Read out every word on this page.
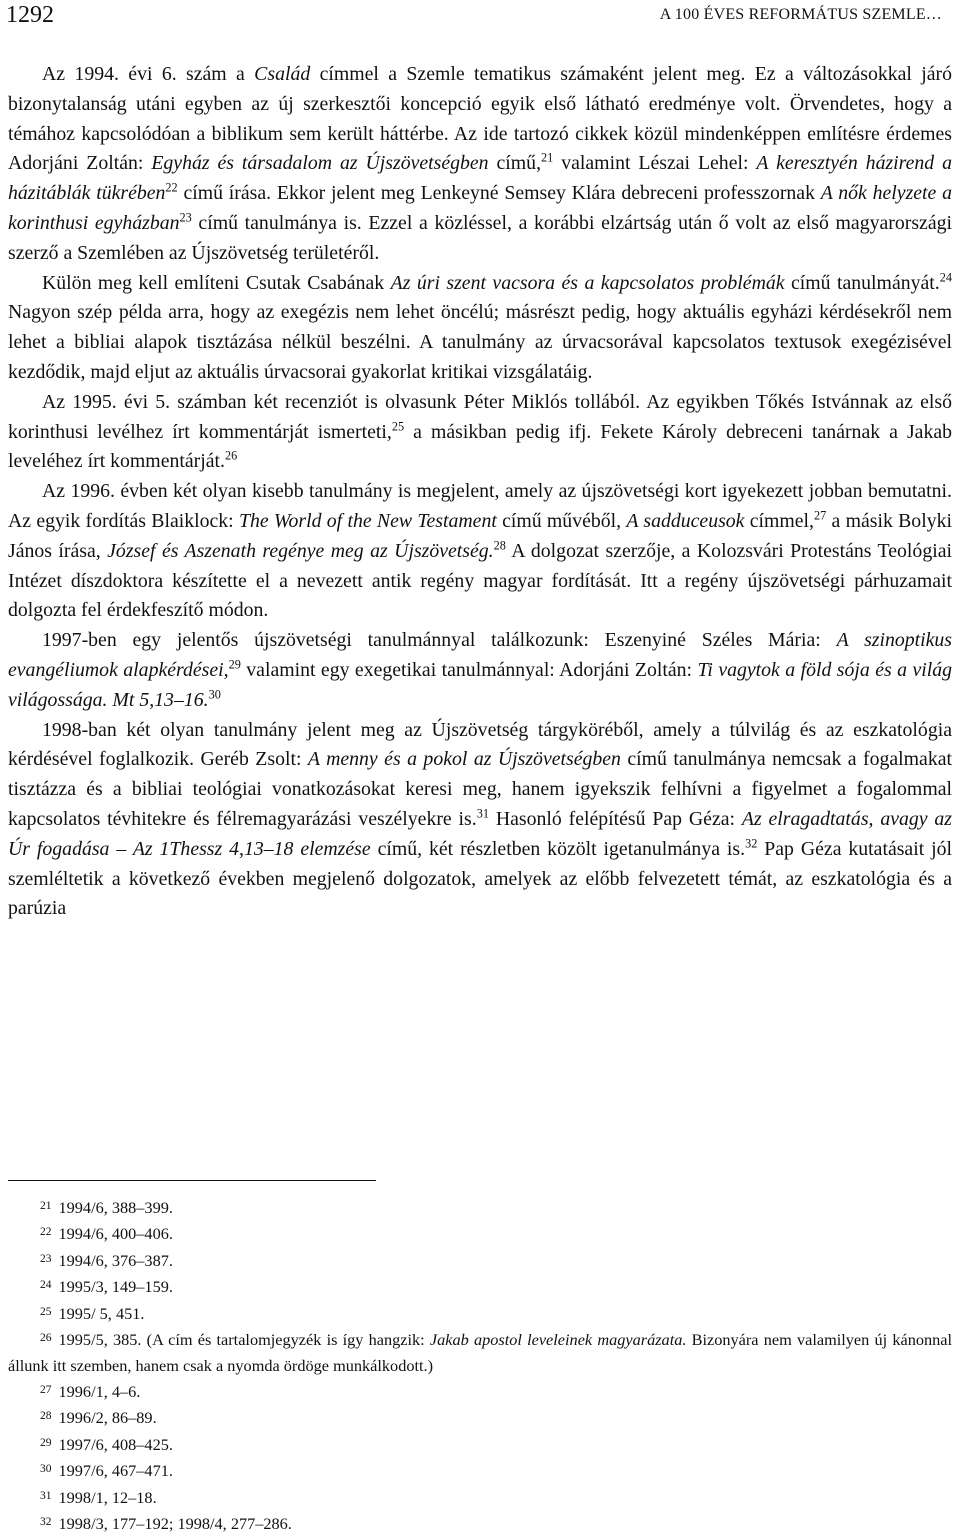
1292	A 100 ÉVES REFORMÁTUS SZEMLE…

Az 1994. évi 6. szám a Család címmel a Szemle tematikus számaként jelent meg. Ez a változásokkal járó bizonytalanság utáni egyben az új szerkesztői koncepció egyik első látható eredménye volt. Örvendetes, hogy a témához kapcsolódóan a biblikum sem került háttérbe. Az ide tartozó cikkek közül mindenképpen említésre érdemes Adorjáni Zoltán: Egyház és társadalom az Újszövetségben című,$^{21}$ valamint Lészai Lehel: A keresztyén házirend a házitáblák tükrében$^{22}$ című írása. Ekkor jelent meg Lenkeyné Semsey Klára debreceni professzornak A nők helyzete a korinthusi egyházban$^{23}$ című tanulmánya is. Ezzel a közléssel, a korábbi elzártság után ő volt az első magyarországi szerző a Szemlében az Újszövetség területéről.

Külön meg kell említeni Csutak Csabának Az úri szent vacsora és a kapcsolatos problémák című tanulmányát.$^{24}$ Nagyon szép példa arra, hogy az exegézis nem lehet öncélú; másrészt pedig, hogy aktuális egyházi kérdésekről nem lehet a bibliai alapok tisztázása nélkül beszélni. A tanulmány az úrvacsorával kapcsolatos textusok exegézisével kezdődik, majd eljut az aktuális úrvacsorai gyakorlat kritikai vizsgálatáig.

Az 1995. évi 5. számban két recenziót is olvasunk Péter Miklós tollából. Az egyikben Tőkés Istvánnak az első korinthusi levélhez írt kommentárját ismerteti,$^{25}$ a másikban pedig ifj. Fekete Károly debreceni tanárnak a Jakab leveléhez írt kommentárját.$^{26}$

Az 1996. évben két olyan kisebb tanulmány is megjelent, amely az újszövetségi kort igyekezett jobban bemutatni. Az egyik fordítás Blaiklock: The World of the New Testament című művéből, A sadduceusok címmel,$^{27}$ a másik Bolyki János írása, József és Aszenath regénye meg az Újszövetség.$^{28}$ A dolgozat szerzője, a Kolozsvári Protestáns Teológiai Intézet díszdoktora készítette el a nevezett antik regény magyar fordítását. Itt a regény újszövetségi párhuzamait dolgozta fel érdekfeszítő módon.

1997-ben egy jelentős újszövetségi tanulmánnyal találkozunk: Eszenyiné Széles Mária: A szinoptikus evangéliumok alapkérdései,$^{29}$ valamint egy exegetikai tanulmánnyal: Adorjáni Zoltán: Ti vagytok a föld sója és a világ világossága. Mt 5,13–16.30

1998-ban két olyan tanulmány jelent meg az Újszövetség tárgyköréből, amely a túlvilág és az eszkatológia kérdésével foglalkozik. Geréb Zsolt: A menny és a pokol az Újszövetségben című tanulmánya nemcsak a fogalmakat tisztázza és a bibliai teológiai vonatkozásokat keresi meg, hanem igyekszik felhívni a figyelmet a fogalommal kapcsolatos tévhitekre és félremagyarázási veszélyekre is.$^{31}$ Hasonló felépítésű Pap Géza: Az elragadtatás, avagy az Úr fogadása – Az 1Thessz 4,13–18 elemzése című, két részletben közölt igetanulmánya is.$^{32}$ Pap Géza kutatásait jól szemléltetik a következő években megjelenő dolgozatok, amelyek az előbb felvezetett témát, az eszkatológia és a parúzia

$^{21}$ 1994/6, 388–399.
$^{22}$ 1994/6, 400–406.
$^{23}$ 1994/6, 376–387.
$^{24}$ 1995/3, 149–159.
$^{25}$ 1995/ 5, 451.
$^{26}$ 1995/5, 385. (A cím és tartalomjegyzék is így hangzik: Jakab apostol leveleinek magyarázata. Bizonyára nem valamilyen új kánonnal állunk itt szemben, hanem csak a nyomda ördöge munkálkodott.)
$^{27}$ 1996/1, 4–6.
$^{28}$ 1996/2, 86–89.
$^{29}$ 1997/6, 408–425.
$^{30}$ 1997/6, 467–471.
$^{31}$ 1998/1, 12–18.
$^{32}$ 1998/3, 177–192; 1998/4, 277–286.
